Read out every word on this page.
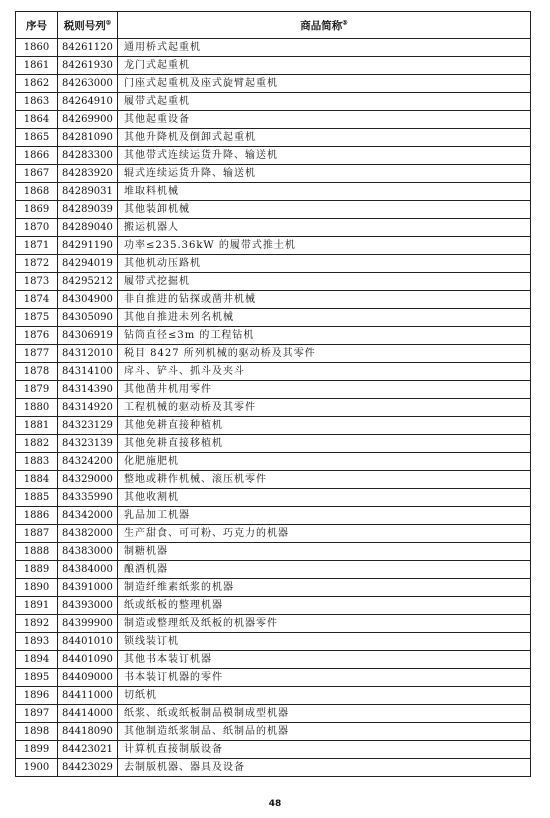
序号	税则号列⑤	商品简称⑤
1860	84261120	通用桥式起重机
1861	84261930	龙门式起重机
1862	84263000	门座式起重机及座式旋臂起重机
1863	84264910	履带式起重机
1864	84269900	其他起重设备
1865	84281090	其他升降机及倒卸式起重机
1866	84283300	其他带式连续运货升降、输送机
1867	84283920	辊式连续运货升降、输送机
1868	84289031	堆取料机械
1869	84289039	其他装卸机械
1870	84289040	搬运机器人
1871	84291190	功率≤235.36kW 的履带式推土机
1872	84294019	其他机动压路机
1873	84295212	履带式挖掘机
1874	84304900	非自推进的钻探或凿井机械
1875	84305090	其他自推进未列名机械
1876	84306919	钻筒直径≤3m 的工程钻机
1877	84312010	税目 8427 所列机械的驱动桥及其零件
1878	84314100	戽斗、铲斗、抓斗及夹斗
1879	84314390	其他凿井机用零件
1880	84314920	工程机械的驱动桥及其零件
1881	84323129	其他免耕直接种植机
1882	84323139	其他免耕直接移植机
1883	84324200	化肥施肥机
1884	84329000	整地或耕作机械、滚压机零件
1885	84335990	其他收割机
1886	84342000	乳品加工机器
1887	84382000	生产甜食、可可粉、巧克力的机器
1888	84383000	制糖机器
1889	84384000	酿酒机器
1890	84391000	制造纤维素纸浆的机器
1891	84393000	纸或纸板的整理机器
1892	84399900	制造或整理纸及纸板的机器零件
1893	84401010	锁线装订机
1894	84401090	其他书本装订机器
1895	84409000	书本装订机器的零件
1896	84411000	切纸机
1897	84414000	纸浆、纸或纸板制品模制成型机器
1898	84418090	其他制造纸浆制品、纸制品的机器
1899	84423021	计算机直接制版设备
1900	84423029	去制版机器、器具及设备
48
